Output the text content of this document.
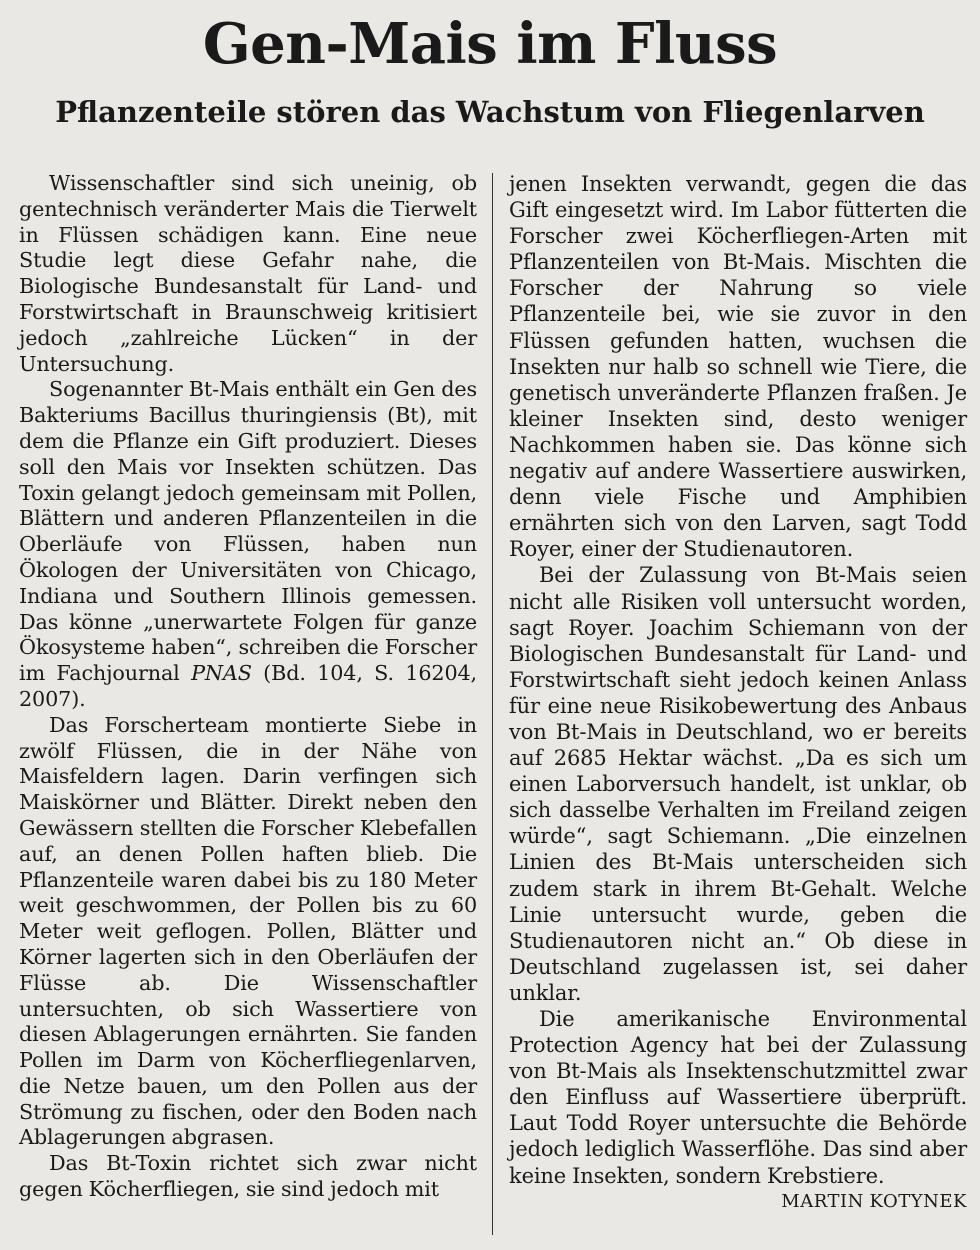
Gen-Mais im Fluss
Pflanzenteile stören das Wachstum von Fliegenlarven

Wissenschaftler sind sich uneinig, ob gentechnisch veränderter Mais die Tierwelt in Flüssen schädigen kann. Eine neue Studie legt diese Gefahr nahe, die Biologische Bundesanstalt für Land- und Forstwirtschaft in Braunschweig kritisiert jedoch „zahlreiche Lücken“ in der Untersuchung.

Sogenannter Bt-Mais enthält ein Gen des Bakteriums Bacillus thuringiensis (Bt), mit dem die Pflanze ein Gift produziert. Dieses soll den Mais vor Insekten schützen. Das Toxin gelangt jedoch gemeinsam mit Pollen, Blättern und anderen Pflanzenteilen in die Oberläufe von Flüssen, haben nun Ökologen der Universitäten von Chicago, Indiana und Southern Illinois gemessen. Das könne „unerwartete Folgen für ganze Ökosysteme haben“, schreiben die Forscher im Fachjournal PNAS (Bd. 104, S. 16204, 2007).

Das Forscherteam montierte Siebe in zwölf Flüssen, die in der Nähe von Maisfeldern lagen. Darin verfingen sich Maiskörner und Blätter. Direkt neben den Gewässern stellten die Forscher Klebefallen auf, an denen Pollen haften blieb. Die Pflanzenteile waren dabei bis zu 180 Meter weit geschwommen, der Pollen bis zu 60 Meter weit geflogen. Pollen, Blätter und Körner lagerten sich in den Oberläufen der Flüsse ab. Die Wissenschaftler untersuchten, ob sich Wassertiere von diesen Ablagerungen ernährten. Sie fanden Pollen im Darm von Köcherfliegenlarven, die Netze bauen, um den Pollen aus der Strömung zu fischen, oder den Boden nach Ablagerungen abgrasen.

Das Bt-Toxin richtet sich zwar nicht gegen Köcherfliegen, sie sind jedoch mit

jenen Insekten verwandt, gegen die das Gift eingesetzt wird. Im Labor fütterten die Forscher zwei Köcherfliegen-Arten mit Pflanzenteilen von Bt-Mais. Mischten die Forscher der Nahrung so viele Pflanzenteile bei, wie sie zuvor in den Flüssen gefunden hatten, wuchsen die Insekten nur halb so schnell wie Tiere, die genetisch unveränderte Pflanzen fraßen. Je kleiner Insekten sind, desto weniger Nachkommen haben sie. Das könne sich negativ auf andere Wassertiere auswirken, denn viele Fische und Amphibien ernährten sich von den Larven, sagt Todd Royer, einer der Studienautoren.

Bei der Zulassung von Bt-Mais seien nicht alle Risiken voll untersucht worden, sagt Royer. Joachim Schiemann von der Biologischen Bundesanstalt für Land- und Forstwirtschaft sieht jedoch keinen Anlass für eine neue Risikobewertung des Anbaus von Bt-Mais in Deutschland, wo er bereits auf 2685 Hektar wächst. „Da es sich um einen Laborversuch handelt, ist unklar, ob sich dasselbe Verhalten im Freiland zeigen würde“, sagt Schiemann. „Die einzelnen Linien des Bt-Mais unterscheiden sich zudem stark in ihrem Bt-Gehalt. Welche Linie untersucht wurde, geben die Studienautoren nicht an.“ Ob diese in Deutschland zugelassen ist, sei daher unklar.

Die amerikanische Environmental Protection Agency hat bei der Zulassung von Bt-Mais als Insektenschutzmittel zwar den Einfluss auf Wassertiere überprüft. Laut Todd Royer untersuchte die Behörde jedoch lediglich Wasserflöhe. Das sind aber keine Insekten, sondern Krebstiere.
MARTIN KOTYNEK
